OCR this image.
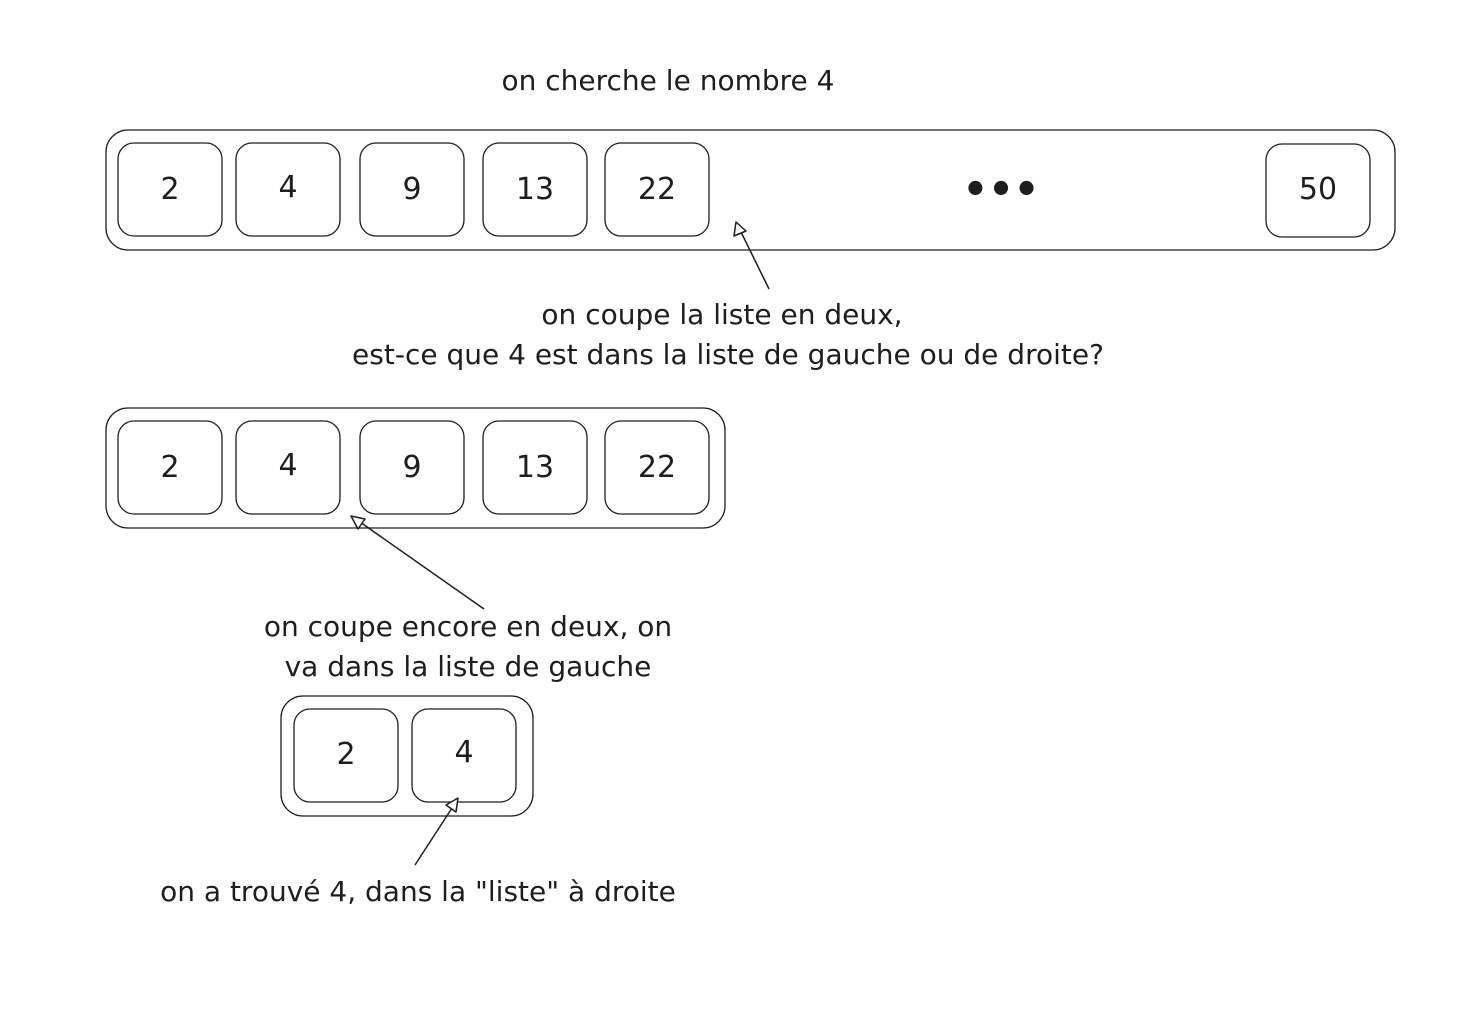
on cherche le nombre 4
2	4	9	13	22	•••	50
on coupe la liste en deux,
est-ce que 4 est dans la liste de gauche ou de droite?
2	4	9	13	22
on coupe encore en deux, on
va dans la liste de gauche
2	4
on a trouvé 4, dans la "liste" à droite
